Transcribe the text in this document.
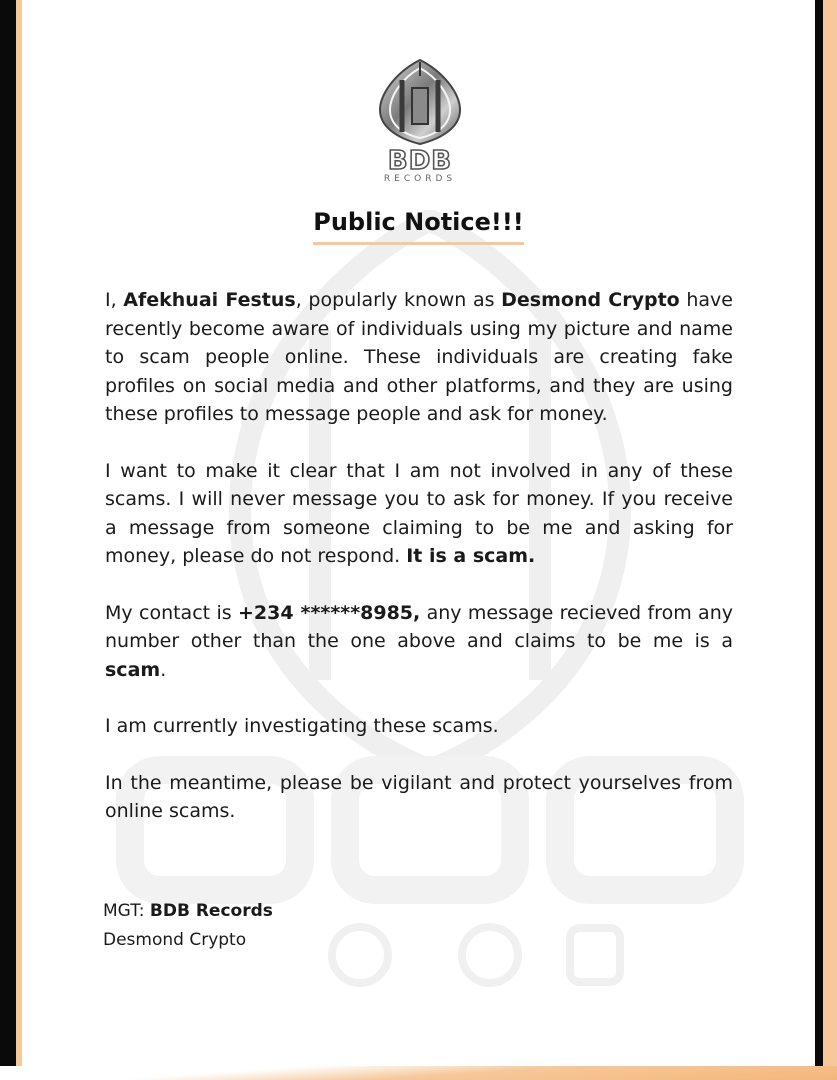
BDB
RECORDS
Public Notice!!!

I, Afekhuai Festus, popularly known as Desmond Crypto have recently become aware of individuals using my picture and name to scam people online. These individuals are creating fake profiles on social media and other platforms, and they are using these profiles to message people and ask for money.

I want to make it clear that I am not involved in any of these scams. I will never message you to ask for money. If you receive a message from someone claiming to be me and asking for money, please do not respond. It is a scam.

My contact is +234 ******8985, any message recieved from any number other than the one above and claims to be me is a scam.

I am currently investigating these scams.

In the meantime, please be vigilant and protect yourselves from online scams.

MGT: BDB Records
Desmond Crypto
